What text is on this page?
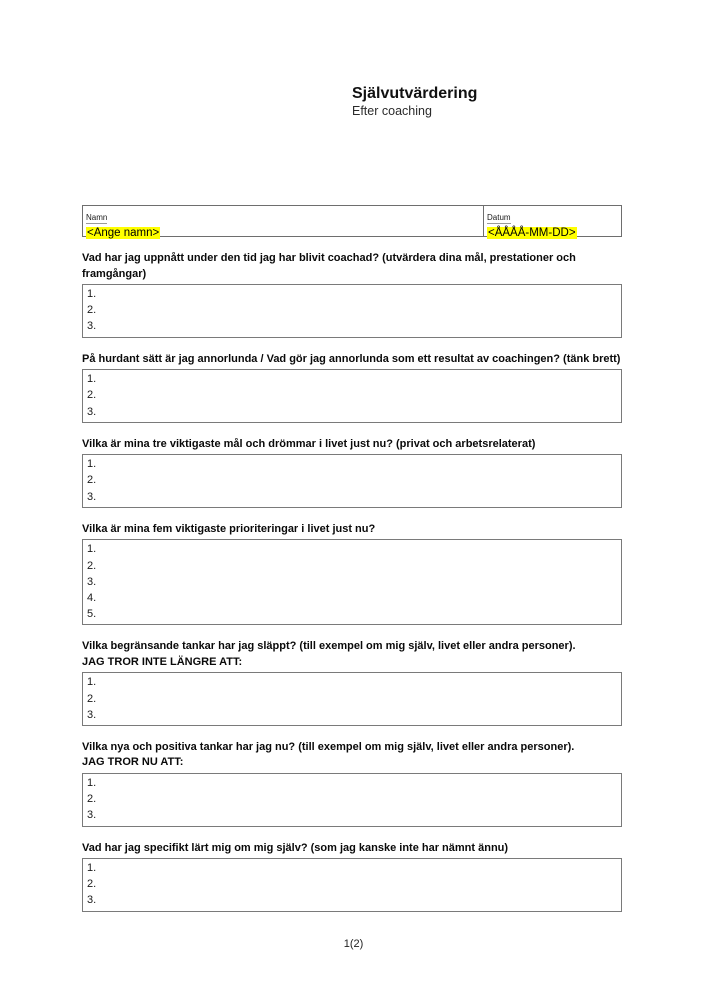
Självutvärdering
Efter coaching
Namn
<Ange namn>
Datum
<ÅÅÅÅ-MM-DD>
Vad har jag uppnått under den tid jag har blivit coachad? (utvärdera dina mål, prestationer och framgångar)
1.
2.
3.
På hurdant sätt är jag annorlunda / Vad gör jag annorlunda som ett resultat av coachingen? (tänk brett)
1.
2.
3.
Vilka är mina tre viktigaste mål och drömmar i livet just nu? (privat och arbetsrelaterat)
1.
2.
3.
Vilka är mina fem viktigaste prioriteringar i livet just nu?
1.
2.
3.
4.
5.
Vilka begränsande tankar har jag släppt? (till exempel om mig själv, livet eller andra personer).
JAG TROR INTE LÄNGRE ATT:
1.
2.
3.
Vilka nya och positiva tankar har jag nu? (till exempel om mig själv, livet eller andra personer).
JAG TROR NU ATT:
1.
2.
3.
Vad har jag specifikt lärt mig om mig själv? (som jag kanske inte har nämnt ännu)
1.
2.
3.
1(2)
